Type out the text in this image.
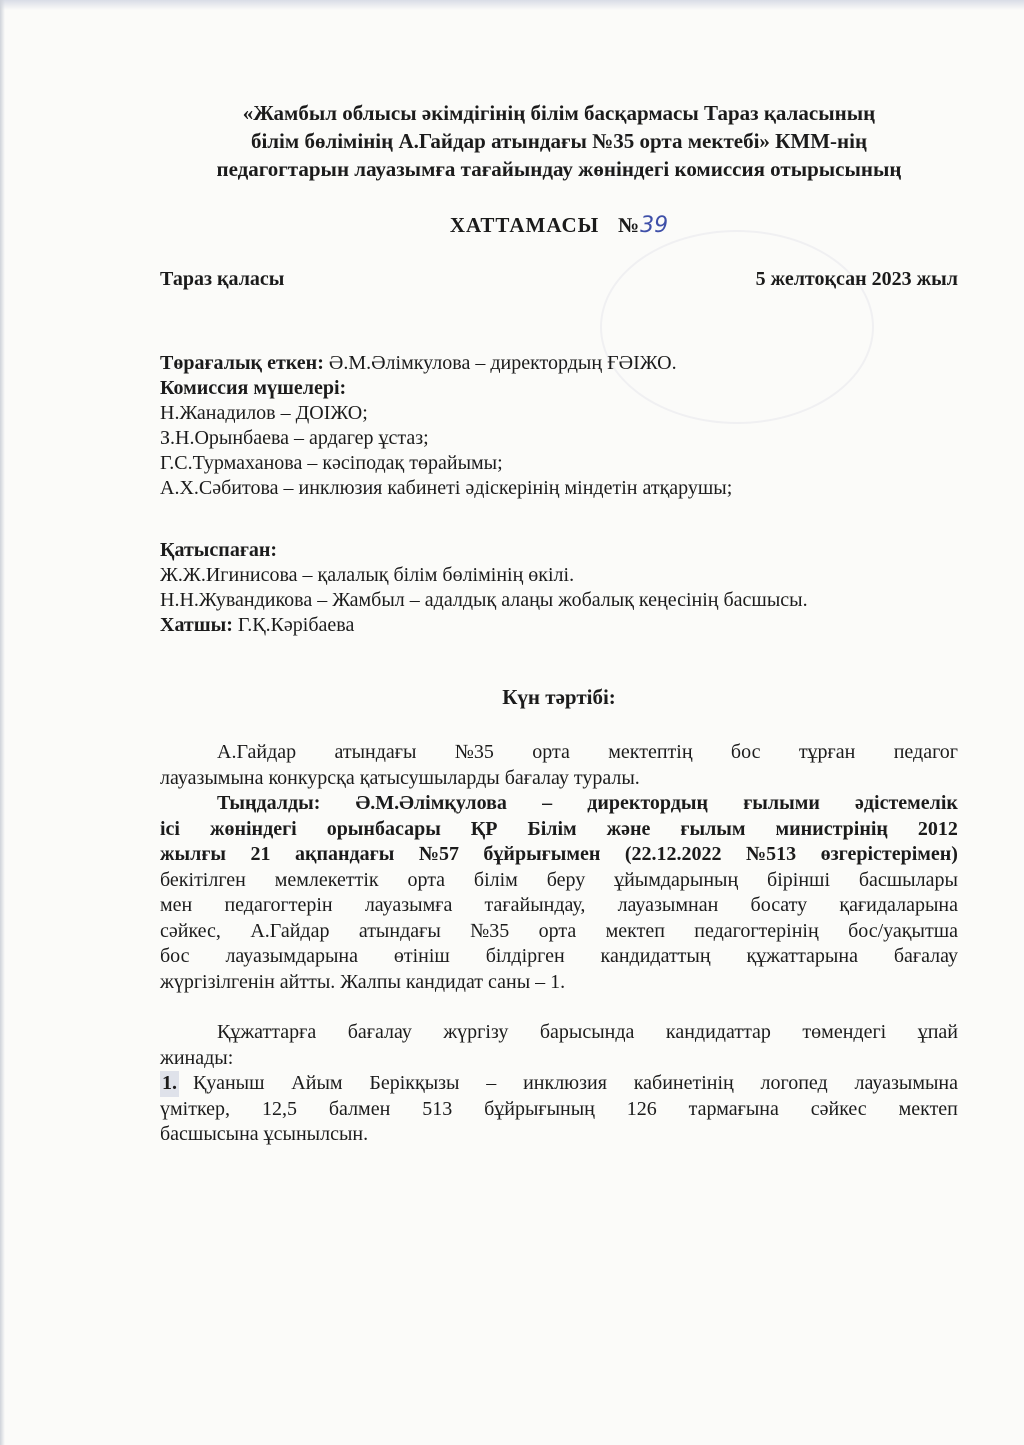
«Жамбыл облысы әкімдігінің білім басқармасы Тараз қаласының
білім бөлімінің А.Гайдар атындағы №35 орта мектебі» КММ-нің
педагогтарын лауазымға тағайындау жөніндегі комиссия отырысының
ХАТТАМАСЫ №39
Тараз қаласы	5 желтоқсан 2023 жыл
Төрағалық еткен: Ә.М.Әлімкулова – директордың ҒӘІЖО.
Комиссия мүшелері:
Н.Жанадилов – ДОІЖО;
З.Н.Орынбаева – ардагер ұстаз;
Г.С.Турмаханова – кәсіподақ төрайымы;
А.Х.Сәбитова – инклюзия кабинеті әдіскерінің міндетін атқарушы;
Қатыспаған:
Ж.Ж.Игинисова – қалалық білім бөлімінің өкілі.
Н.Н.Жувандикова – Жамбыл – адалдық алаңы жобалық кеңесінің басшысы.
Хатшы: Г.Қ.Кәрібаева
Күн тәртібі:
А.Гайдар атындағы №35 орта мектептің бос тұрған педагог
лауазымына конкурсқа қатысушыларды бағалау туралы.
Тыңдалды: Ә.М.Әлімқулова – директордың ғылыми әдістемелік
ісі жөніндегі орынбасары ҚР Білім және ғылым министрінің 2012
жылғы 21 ақпандағы №57 бұйрығымен (22.12.2022 №513 өзгерістерімен)
бекітілген мемлекеттік орта білім беру ұйымдарының бірінші басшылары
мен педагогтерін лауазымға тағайындау, лауазымнан босату қағидаларына
сәйкес, А.Гайдар атындағы №35 орта мектеп педагогтерінің бос/уақытша
бос лауазымдарына өтініш білдірген кандидаттың құжаттарына бағалау
жүргізілгенін айтты. Жалпы кандидат саны – 1.
Құжаттарға бағалау жүргізу барысында кандидаттар төмендегі ұпай
жинады:
1. Қуаныш Айым Берікқызы – инклюзия кабинетінің логопед лауазымына
үміткер, 12,5 балмен 513 бұйрығының 126 тармағына сәйкес мектеп
басшысына ұсынылсын.
